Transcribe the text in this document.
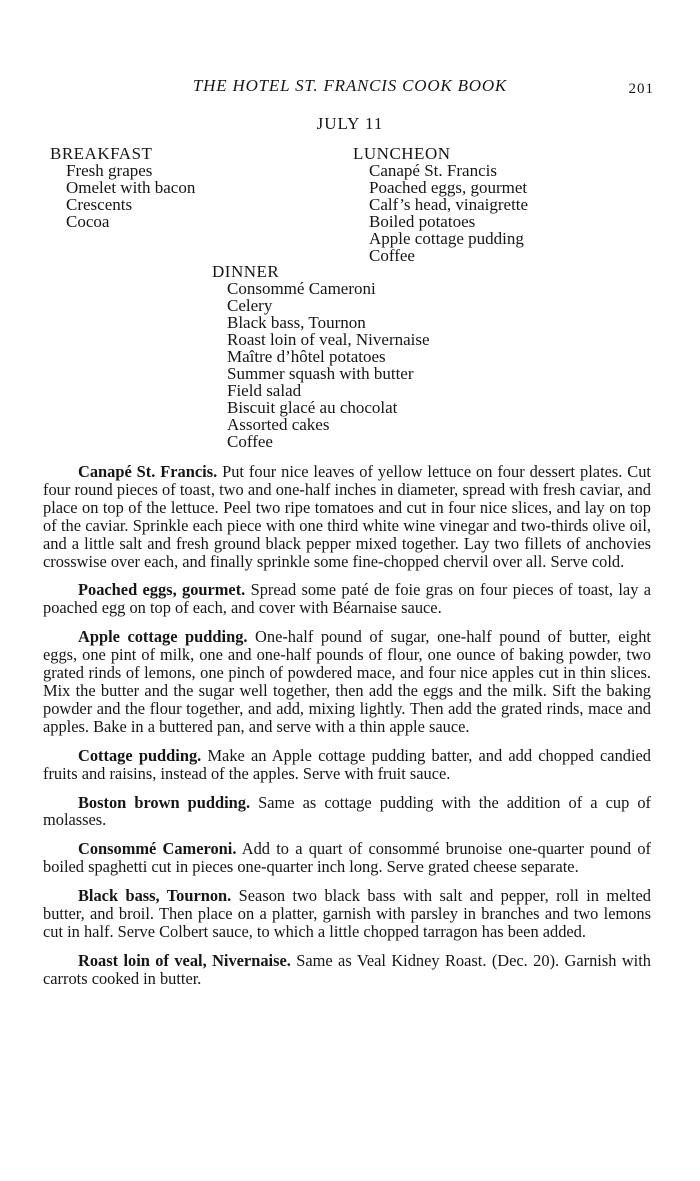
THE HOTEL ST. FRANCIS COOK BOOK	201
JULY 11
BREAKFAST
Fresh grapes
Omelet with bacon
Crescents
Cocoa
LUNCHEON
Canapé St. Francis
Poached eggs, gourmet
Calf’s head, vinaigrette
Boiled potatoes
Apple cottage pudding
Coffee
DINNER
Consommé Cameroni
Celery
Black bass, Tournon
Roast loin of veal, Nivernaise
Maître d’hôtel potatoes
Summer squash with butter
Field salad
Biscuit glacé au chocolat
Assorted cakes
Coffee

Canapé St. Francis. Put four nice leaves of yellow lettuce on four dessert plates. Cut four round pieces of toast, two and one-half inches in diameter, spread with fresh caviar, and place on top of the lettuce. Peel two ripe tomatoes and cut in four nice slices, and lay on top of the caviar. Sprinkle each piece with one third white wine vinegar and two-thirds olive oil, and a little salt and fresh ground black pepper mixed together. Lay two fillets of anchovies crosswise over each, and finally sprinkle some fine-chopped chervil over all. Serve cold.

Poached eggs, gourmet. Spread some paté de foie gras on four pieces of toast, lay a poached egg on top of each, and cover with Béarnaise sauce.

Apple cottage pudding. One-half pound of sugar, one-half pound of butter, eight eggs, one pint of milk, one and one-half pounds of flour, one ounce of baking powder, two grated rinds of lemons, one pinch of powdered mace, and four nice apples cut in thin slices. Mix the butter and the sugar well together, then add the eggs and the milk. Sift the baking powder and the flour together, and add, mixing lightly. Then add the grated rinds, mace and apples. Bake in a buttered pan, and serve with a thin apple sauce.

Cottage pudding. Make an Apple cottage pudding batter, and add chopped candied fruits and raisins, instead of the apples. Serve with fruit sauce.

Boston brown pudding. Same as cottage pudding with the addition of a cup of molasses.

Consommé Cameroni. Add to a quart of consommé brunoise one-quarter pound of boiled spaghetti cut in pieces one-quarter inch long. Serve grated cheese separate.

Black bass, Tournon. Season two black bass with salt and pepper, roll in melted butter, and broil. Then place on a platter, garnish with parsley in branches and two lemons cut in half. Serve Colbert sauce, to which a little chopped tarragon has been added.

Roast loin of veal, Nivernaise. Same as Veal Kidney Roast. (Dec. 20). Garnish with carrots cooked in butter.
